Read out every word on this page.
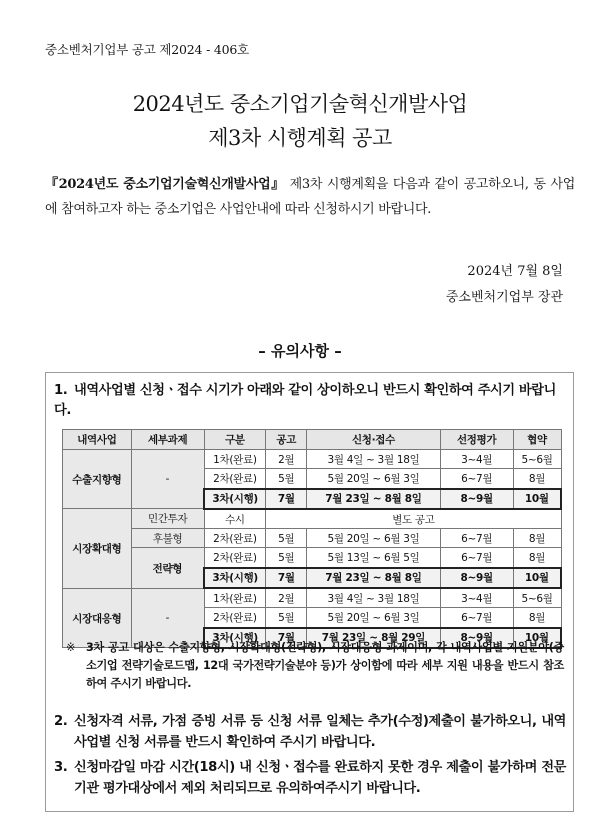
중소벤처기업부 공고 제2024 - 406호
2024년도 중소기업기술혁신개발사업
제3차 시행계획 공고
『2024년도 중소기업기술혁신개발사업』 제3차 시행계획을 다음과 같이 공고하오니, 동 사업에 참여하고자 하는 중소기업은 사업안내에 따라 신청하시기 바랍니다.
2024년 7월 8일
중소벤처기업부 장관
– 유의사항 –
1. 내역사업별 신청ㆍ접수 시기가 아래와 같이 상이하오니 반드시 확인하여 주시기 바랍니다.
내역사업	세부과제	구분	공고	신청·접수	선정평가	협약
수출지향형	-	1차(완료)	2월	3월 4일 ~ 3월 18일	3~4월	5~6월
		2차(완료)	5월	5월 20일 ~ 6월 3일	6~7월	8월
		3차(시행)	7월	7월 23일 ~ 8월 8일	8~9월	10월
시장확대형	민간투자	수시	별도 공고			
	후불형	2차(완료)	5월	5월 20일 ~ 6월 3일	6~7월	8월
	전략형	2차(완료)	5월	5월 13일 ~ 6월 5일	6~7월	8월
		3차(시행)	7월	7월 23일 ~ 8월 8일	8~9월	10월
시장대응형	-	1차(완료)	2월	3월 4일 ~ 3월 18일	3~4월	5~6월
		2차(완료)	5월	5월 20일 ~ 6월 3일	6~7월	8월
		3차(시행)	7월	7월 23일 ~ 8월 29일	8~9월	10월
※ 3차 공고 대상은 수출지향형, 시장확대형(전략형), 시장대응형 과제이며, 각 내역사업별 지원분야(중소기업 전략기술로드맵, 12대 국가전략기술분야 등)가 상이함에 따라 세부 지원 내용을 반드시 참조하여 주시기 바랍니다.
2. 신청자격 서류, 가점 증빙 서류 등 신청 서류 일체는 추가(수정)제출이 불가하오니, 내역사업별 신청 서류를 반드시 확인하여 주시기 바랍니다.
3. 신청마감일 마감 시간(18시) 내 신청ㆍ접수를 완료하지 못한 경우 제출이 불가하며 전문기관 평가대상에서 제외 처리되므로 유의하여주시기 바랍니다.
